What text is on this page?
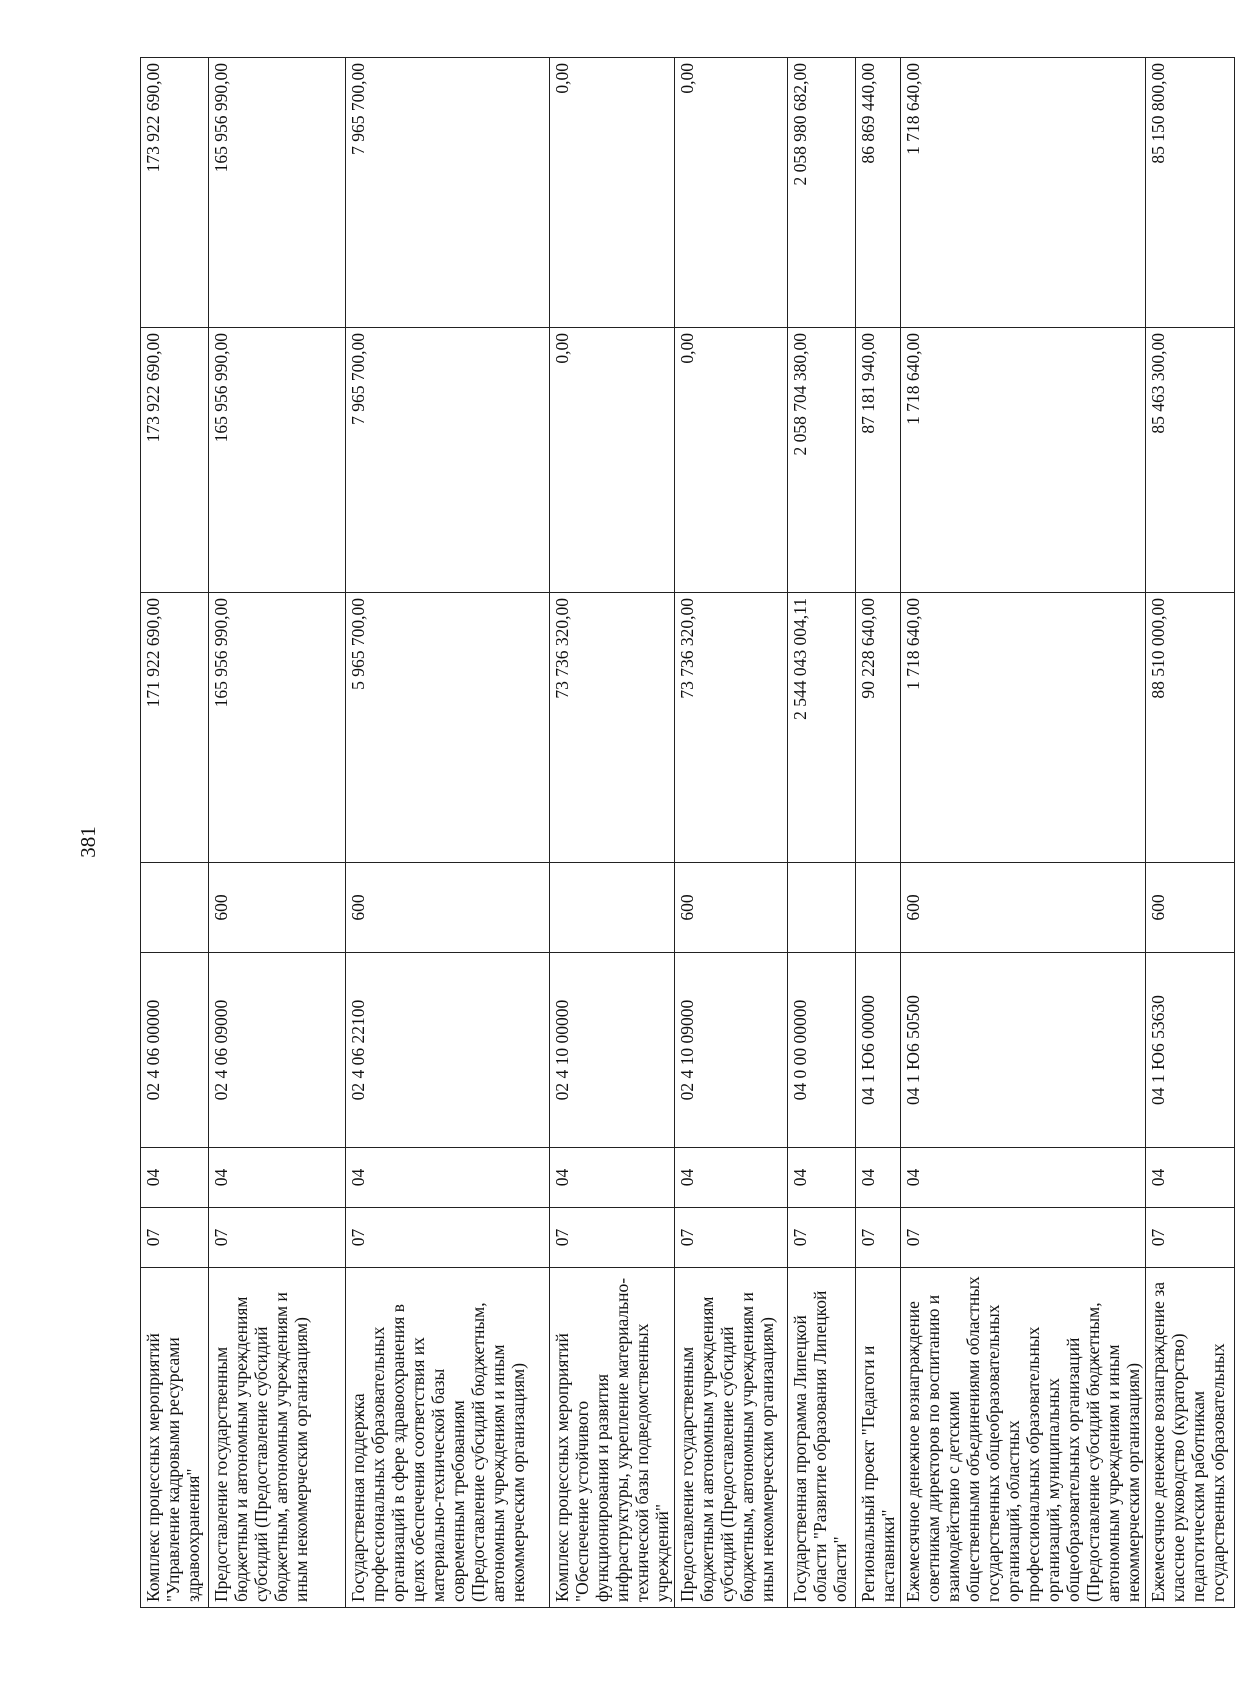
381
Комплекс процессных мероприятий "Управление кадровыми ресурсами здравоохранения"	07	04	02 4 06 00000		171 922 690,00	173 922 690,00	173 922 690,00
Предоставление государственным бюджетным и автономным учреждениям субсидий (Предоставление субсидий бюджетным, автономным учреждениям и иным некоммерческим организациям)	07	04	02 4 06 09000	600	165 956 990,00	165 956 990,00	165 956 990,00
Государственная поддержка профессиональных образовательных организаций в сфере здравоохранения в целях обеспечения соответствия их материально-технической базы современным требованиям (Предоставление субсидий бюджетным, автономным учреждениям и иным некоммерческим организациям)	07	04	02 4 06 22100	600	5 965 700,00	7 965 700,00	7 965 700,00
Комплекс процессных мероприятий "Обеспечение устойчивого функционирования и развития инфраструктуры, укрепление материально-технической базы подведомственных учреждений"	07	04	02 4 10 00000		73 736 320,00	0,00	0,00
Предоставление государственным бюджетным и автономным учреждениям субсидий (Предоставление субсидий бюджетным, автономным учреждениям и иным некоммерческим организациям)	07	04	02 4 10 09000	600	73 736 320,00	0,00	0,00
Государственная программа Липецкой области "Развитие образования Липецкой области"	07	04	04 0 00 00000		2 544 043 004,11	2 058 704 380,00	2 058 980 682,00
Региональный проект "Педагоги и наставники"	07	04	04 1 Ю6 00000		90 228 640,00	87 181 940,00	86 869 440,00
Ежемесячное денежное вознаграждение советникам директоров по воспитанию и взаимодействию с детскими общественными объединениями областных государственных общеобразовательных организаций, областных профессиональных образовательных организаций, муниципальных общеобразовательных организаций (Предоставление субсидий бюджетным, автономным учреждениям и иным некоммерческим организациям)	07	04	04 1 Ю6 50500	600	1 718 640,00	1 718 640,00	1 718 640,00
Ежемесячное денежное вознаграждение за классное руководство (кураторство) педагогическим работникам государственных образовательных	07	04	04 1 Ю6 53630	600	88 510 000,00	85 463 300,00	85 150 800,00
